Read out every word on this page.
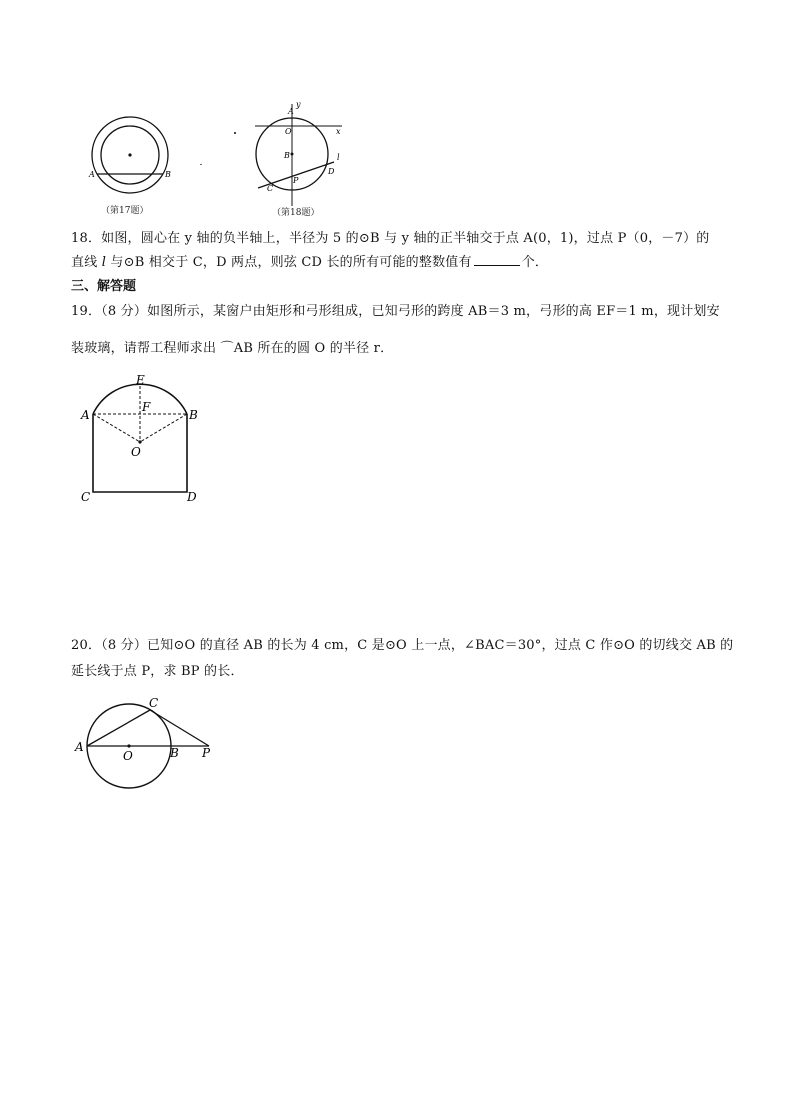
A	B
（第17题）
A
y
O	x
B	l
D
P
C
（第18题）
18．如图，圆心在 y 轴的负半轴上，半径为 5 的⊙B 与 y 轴的正半轴交于点 A(0，1)，过点 P（0，－7）的
直线 l 与⊙B 相交于 C，D 两点，则弦 CD 长的所有可能的整数值有	个．
三、解答题
19．（8 分）如图所示，某窗户由矩形和弓形组成，已知弓形的跨度 AB＝3 m，弓形的高 EF＝1 m，现计划安
装玻璃，请帮工程师求出 ⌒AB 所在的圆 O 的半径 r．
E
F
A	B
O
C	D
20．（8 分）已知⊙O 的直径 AB 的长为 4 cm，C 是⊙O 上一点，∠BAC＝30°，过点 C 作⊙O 的切线交 AB 的
延长线于点 P，求 BP 的长．
C
A
O	B P
